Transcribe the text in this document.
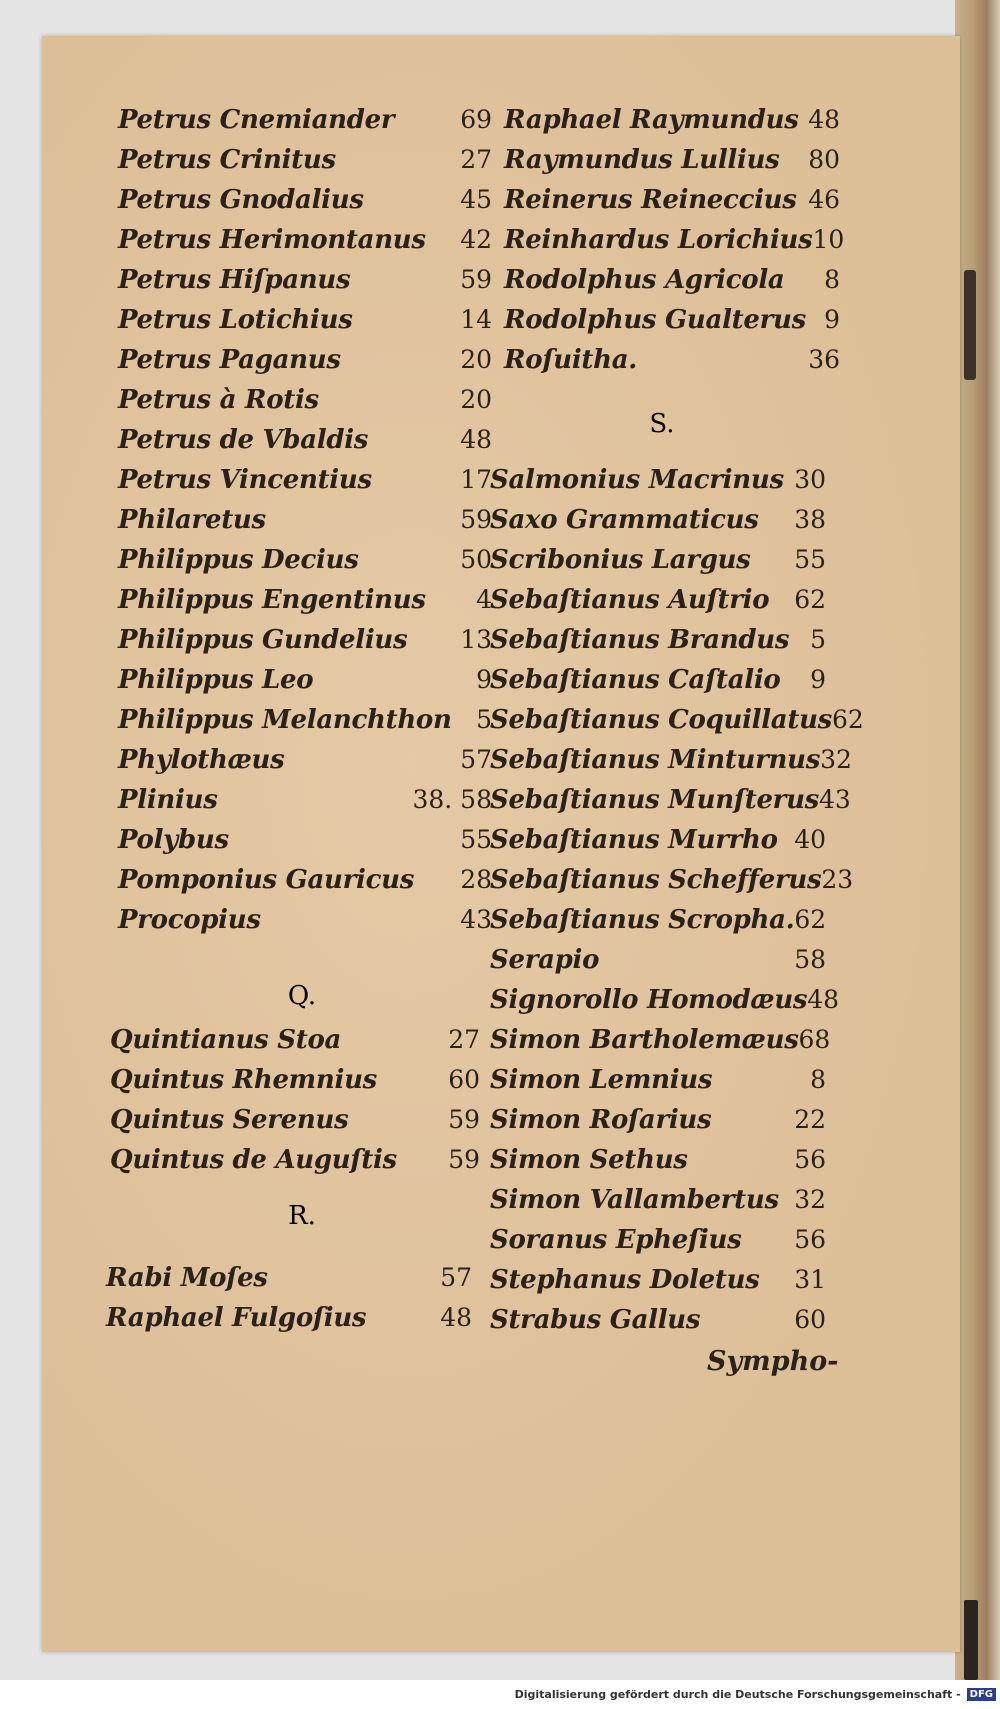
Petrus Cnemiander	69
Petrus Crinitus	27
Petrus Gnodalius	45
Petrus Herimontanus 42
Petrus Hiſpanus	59
Petrus Lotichius	14
Petrus Paganus	20
Petrus à Rotis	20
Petrus de Vbaldis	48
Petrus Vincentius	17
Philaretus	59
Philippus Decius	50
Philippus Engentinus 4
Philippus Gundelius 13
Philippus Leo	9
Philippus Melanchthon 5
Phylothæus	57
Plinius	38. 58
Polybus	55
Pomponius Gauricus 28
Procopius	43
Quintianus Stoa	27
Quintus Rhemnius	60
Quintus Serenus	59
Quintus de Auguſtis 59
Rabi Moſes	57
Raphael Fulgoſius	48
Q.
R.
Raphael Raymundus 48
Raymundus Lullius 80
Reinerus Reineccius 46
Reinhardus Lorichius 10
Rodolphus Agricola 8
Rodolphus Gualterus 9
Roſuitha.	36
Salmonius Macrinus 30
Saxo Grammaticus 38
Scribonius Largus 55
Sebaſtianus Auſtrio 62
Sebaſtianus Brandus 5
Sebaſtianus Caſtalio 9
Sebaſtianus Coquillatus 62
Sebaſtianus Minturnus 32
Sebaſtianus Munſterus 43
Sebaſtianus Murrho 40
Sebaſtianus Schefferus 23
Sebaſtianus Scropha. 62
Serapio	58
Signorollo Homodæus 48
Simon Bartholemæus 68
Simon Lemnius	8
Simon Roſarius	22
Simon Sethus	56
Simon Vallambertus 32
Soranus Epheſius 56
Stephanus Doletus 31
Strabus Gallus	60
S.
Sympho-
Digitalisierung gefördert durch die Deutsche Forschungsgemeinschaft - DFG
